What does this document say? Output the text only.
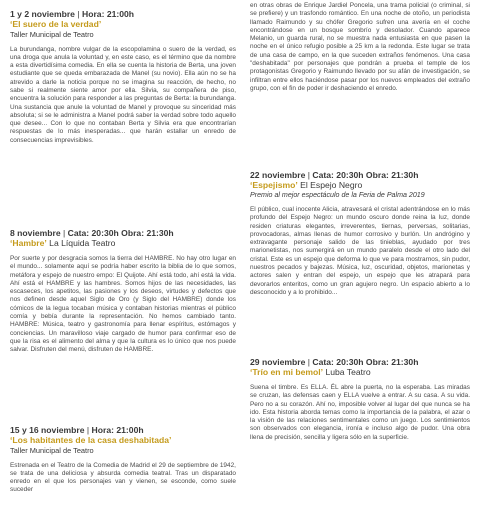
1 y 2 noviembre | Hora: 21:00h
‘El suero de la verdad’
Taller Municipal de Teatro

La burundanga, nombre vulgar de la escopolamina o suero de la verdad, es una droga que anula la voluntad y, en este caso, es el término que da nombre a esta divertidísima comedia. En ella se cuenta la historia de Berta, una joven estudiante que se queda embarazada de Manel (su novio). Ella aún no se ha atrevido a darle la noticia porque no se imagina su reacción, de hecho, no sabe si realmente siente amor por ella. Silvia, su compañera de piso, encuentra la solución para responder a las preguntas de Berta: la burundanga. Una sustancia que anule la voluntad de Manel y provoque su sinceridad más absoluta; si se le administra a Manel podrá saber la verdad sobre todo aquello que desee... Con lo que no contaban Berta y Silvia era que encontrarían respuestas de lo más inesperadas... que harán estallar un enredo de consecuencias imprevisibles.

8 noviembre | Cata: 20:30h Obra: 21:30h
‘Hambre’ La Líquida Teatro

Por suerte y por desgracia somos la tierra del HAMBRE. No hay otro lugar en el mundo... solamente aquí se podría haber escrito la biblia de lo que somos, metáfora y espejo de nuestro empo: El Quijote. Ahí está todo, ahí está la vida. Ahí está el HAMBRE y las hambres. Somos hijos de las necesidades, las escaseces, los apetitos, las pasiones y los deseos, virtudes y defectos que nos definen desde aquel Siglo de Oro (y Siglo del HAMBRE) donde los cómicos de la legua tocaban música y contaban historias mientras el público comía y bebía durante la representación. No hemos cambiado tanto. HAMBRE: Música, teatro y gastronomía para llenar espíritus, estómagos y conciencias. Un maravilloso viaje cargado de humor para confirmar eso de que la risa es el alimento del alma y que la cultura es lo único que nos puede salvar. Disfruten del menú, disfruten de HAMBRE.

15 y 16 noviembre | Hora: 21:00h
‘Los habitantes de la casa deshabitada’
Taller Municipal de Teatro

Estrenada en el Teatro de la Comedia de Madrid el 29 de septiembre de 1942, se trata de una deliciosa y absurda comedia teatral. Tras un disparatado enredo en el que los personajes van y vienen, se esconde, como suele suceder

en otras obras de Enrique Jardiel Poncela, una trama policial (o criminal, si se prefiere) y un trasfondo romántico. En una noche de otoño, un periodista llamado Raimundo y su chófer Gregorio sufren una avería en el coche encontrándose en un bosque sombrío y desolador. Cuando aparece Melanio, un guarda rural, no se muestra nada entusiasta en que pasen la noche en el único refugio posible a 25 km a la redonda. Este lugar se trata de una casa de campo, en la que suceden extraños fenómenos. Una casa "deshabitada" por personajes que pondrán a prueba el temple de los protagonistas Gregorio y Raimundo llevado por su afán de investigación, se infiltran entre ellos haciéndose pasar por los nuevos empleados del extraño grupo, con el fin de poder ir deshaciendo el enredo.

22 noviembre | Cata: 20:30h Obra: 21:30h
‘Espejismo’ El Espejo Negro
Premio al mejor espectáculo de la Feria de Palma 2019

El público, cual inocente Alicia, atravesará el cristal adentrándose en lo más profundo del Espejo Negro: un mundo oscuro donde reina la luz, donde residen criaturas elegantes, irreverentes, tiernas, perversas, solitarias, provocadoras, almas llenas de humor corrosivo y burlón. Un andrógino y extravagante personaje salido de las tinieblas, ayudado por tres marionetistas, nos sumergirá en un mundo paralelo desde el otro lado del cristal. Este es un espejo que deforma lo que ve para mostrarnos, sin pudor, nuestros pecados y bajezas. Música, luz, oscuridad, objetos, marionetas y actores salen y entran del espejo, un espejo que les atrapará para devorarlos enteritos, como un gran agujero negro. Un espacio abierto a lo desconocido y a lo prohibido...

29 noviembre | Cata: 20:30h Obra: 21:30h
‘Trío en mi bemol’ Luba Teatro

Suena el timbre. Es ELLA. ÉL abre la puerta, no la esperaba. Las miradas se cruzan, las defensas caen y ELLA vuelve a entrar. A su casa. A su vida. Pero no a su corazón. Ahí no, imposible volver al lugar del que nunca se ha ido. Esta historia aborda temas como la importancia de la palabra, el azar o la visión de las relaciones sentimentales como un juego. Los sentimientos son observados con elegancia, ironía e incluso algo de pudor. Una obra llena de precisión, sencilla y ligera sólo en la superficie.
